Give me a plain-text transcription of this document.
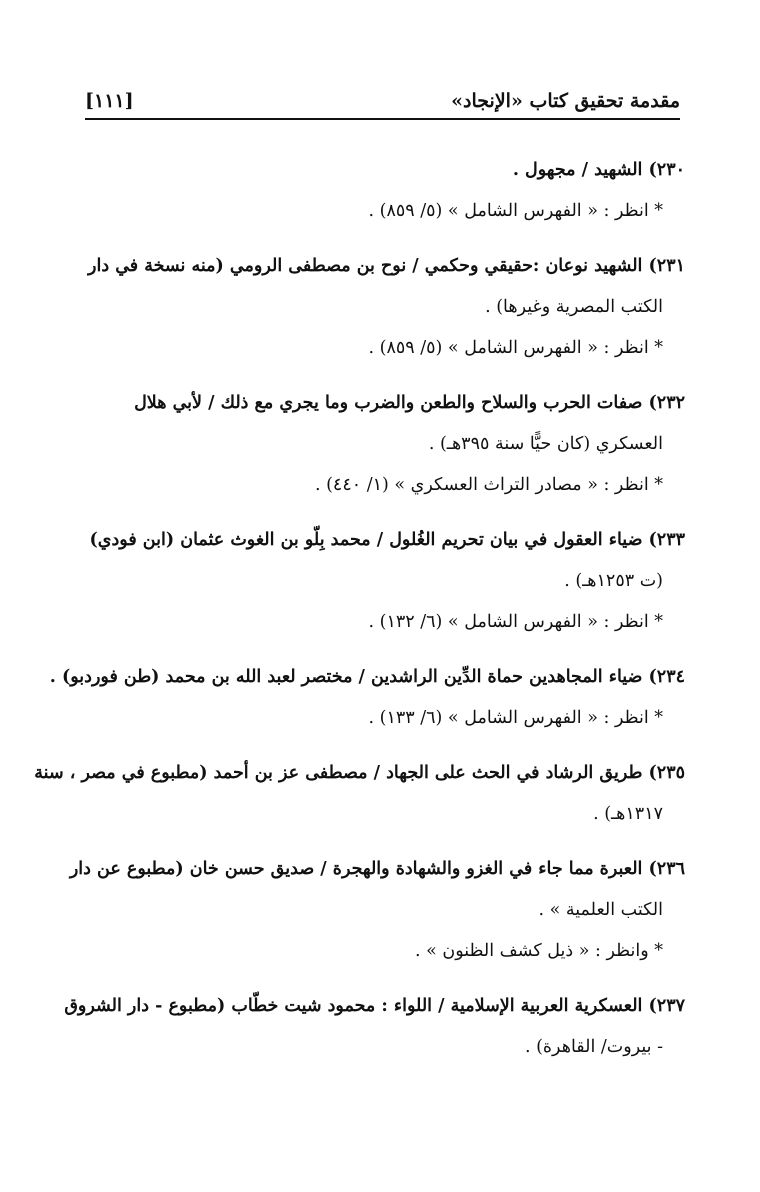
مقدمة تحقيق كتاب «الإنجاد»
[١١١]
٢٣٠) الشهيد / مجهول .
* انظر : « الفهرس الشامل » (٥/ ٨٥٩) .
٢٣١) الشهيد نوعان :حقيقي وحكمي / نوح بن مصطفى الرومي (منه نسخة في دار
الكتب المصرية وغيرها) .
* انظر : « الفهرس الشامل » (٥/ ٨٥٩) .
٢٣٢) صفات الحرب والسلاح والطعن والضرب وما يجري مع ذلك / لأبي هلال
العسكري (كان حيًّا سنة ٣٩٥هـ) .
* انظر : « مصادر التراث العسكري » (١/ ٤٤٠) .
٢٣٣) ضياء العقول في بيان تحريم الغُلول / محمد بِلّو بن الغوث عثمان (ابن فودي)
(ت ١٢٥٣هـ) .
* انظر : « الفهرس الشامل » (٦/ ١٣٢) .
٢٣٤) ضياء المجاهدين حماة الدِّين الراشدين / مختصر لعبد الله بن محمد (طن فوردبو) .
* انظر : « الفهرس الشامل » (٦/ ١٣٣) .
٢٣٥) طريق الرشاد في الحث على الجهاد / مصطفى عز بن أحمد (مطبوع في مصر ، سنة
١٣١٧هـ) .
٢٣٦) العبرة مما جاء في الغزو والشهادة والهجرة / صديق حسن خان (مطبوع عن دار
الكتب العلمية » .
* وانظر : « ذيل كشف الظنون » .
٢٣٧) العسكرية العربية الإسلامية / اللواء : محمود شيت خطّاب (مطبوع - دار الشروق
- بيروت/ القاهرة) .
